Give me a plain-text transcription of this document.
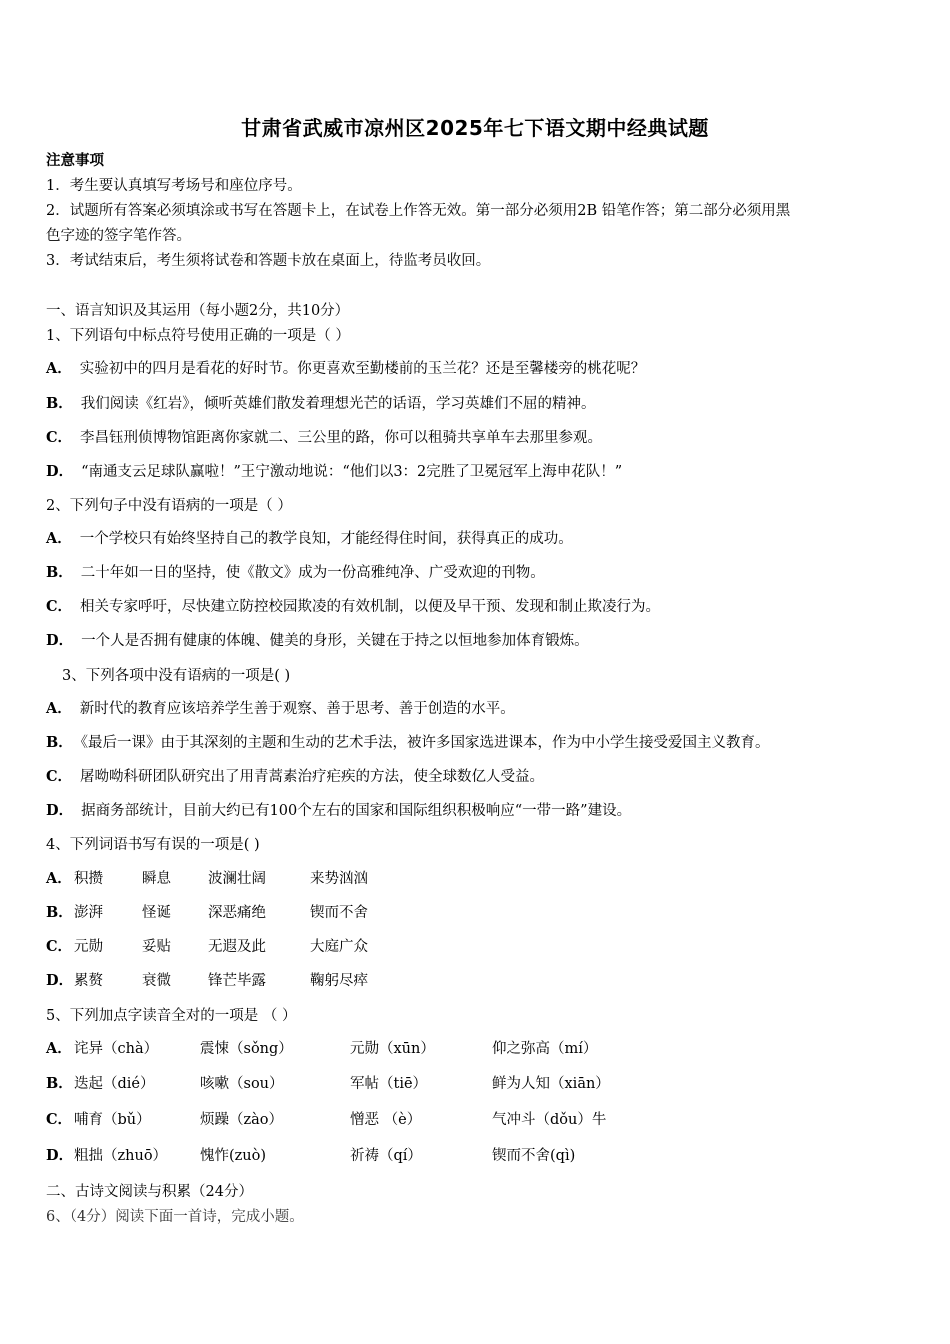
甘肃省武威市凉州区2025年七下语文期中经典试题
注意事项
1．考生要认真填写考场号和座位序号。
2．试题所有答案必须填涂或书写在答题卡上，在试卷上作答无效。第一部分必须用2B 铅笔作答；第二部分必须用黑
色字迹的签字笔作答。
3．考试结束后，考生须将试卷和答题卡放在桌面上，待监考员收回。
一、语言知识及其运用（每小题2分，共10分）
1、下列语句中标点符号使用正确的一项是（ ）
A． 实验初中的四月是看花的好时节。你更喜欢至勤楼前的玉兰花？还是至馨楼旁的桃花呢？
B． 我们阅读《红岩》，倾听英雄们散发着理想光芒的话语，学习英雄们不屈的精神。
C． 李昌钰刑侦博物馆距离你家就二、三公里的路，你可以租骑共享单车去那里参观。
D． “南通支云足球队赢啦！”王宁激动地说：“他们以3：2完胜了卫冕冠军上海申花队！”
2、下列句子中没有语病的一项是（ ）
A． 一个学校只有始终坚持自己的教学良知，才能经得住时间，获得真正的成功。
B． 二十年如一日的坚持，使《散文》成为一份高雅纯净、广受欢迎的刊物。
C． 相关专家呼吁，尽快建立防控校园欺凌的有效机制，以便及早干预、发现和制止欺凌行为。
D． 一个人是否拥有健康的体魄、健美的身形，关键在于持之以恒地参加体育锻炼。
3、下列各项中没有语病的一项是( )
A． 新时代的教育应该培养学生善于观察、善于思考、善于创造的水平。
B． 《最后一课》由于其深刻的主题和生动的艺术手法，被许多国家选进课本，作为中小学生接受爱国主义教育。
C． 屠呦呦科研团队研究出了用青蒿素治疗疟疾的方法，使全球数亿人受益。
D． 据商务部统计，目前大约已有100个左右的国家和国际组织积极响应“一带一路”建设。
4、下列词语书写有误的一项是( )
A． 积攒	瞬息	波澜壮阔	来势汹汹
B． 澎湃	怪诞	深恶痛绝	锲而不舍
C． 元勋	妥贴	无遐及此	大庭广众
D． 累赘	衰微	锋芒毕露	鞠躬尽瘁
5、下列加点字读音全对的一项是 （ ）
A． 诧异（chà）	震悚（sǒng）	元勋（xūn）	仰之弥高（mí）
B． 迭起（dié）	咳嗽（sou）	军帖（tiē）	鲜为人知（xiān）
C． 哺育（bǔ）	烦躁（zào）	憎恶 （è）	气冲斗（dǒu）牛
D． 粗拙（zhuō） 愧怍(zuò)	祈祷（qí）	锲而不舍(qì)
二、古诗文阅读与积累（24分）
6、（4分）阅读下面一首诗，完成小题。
